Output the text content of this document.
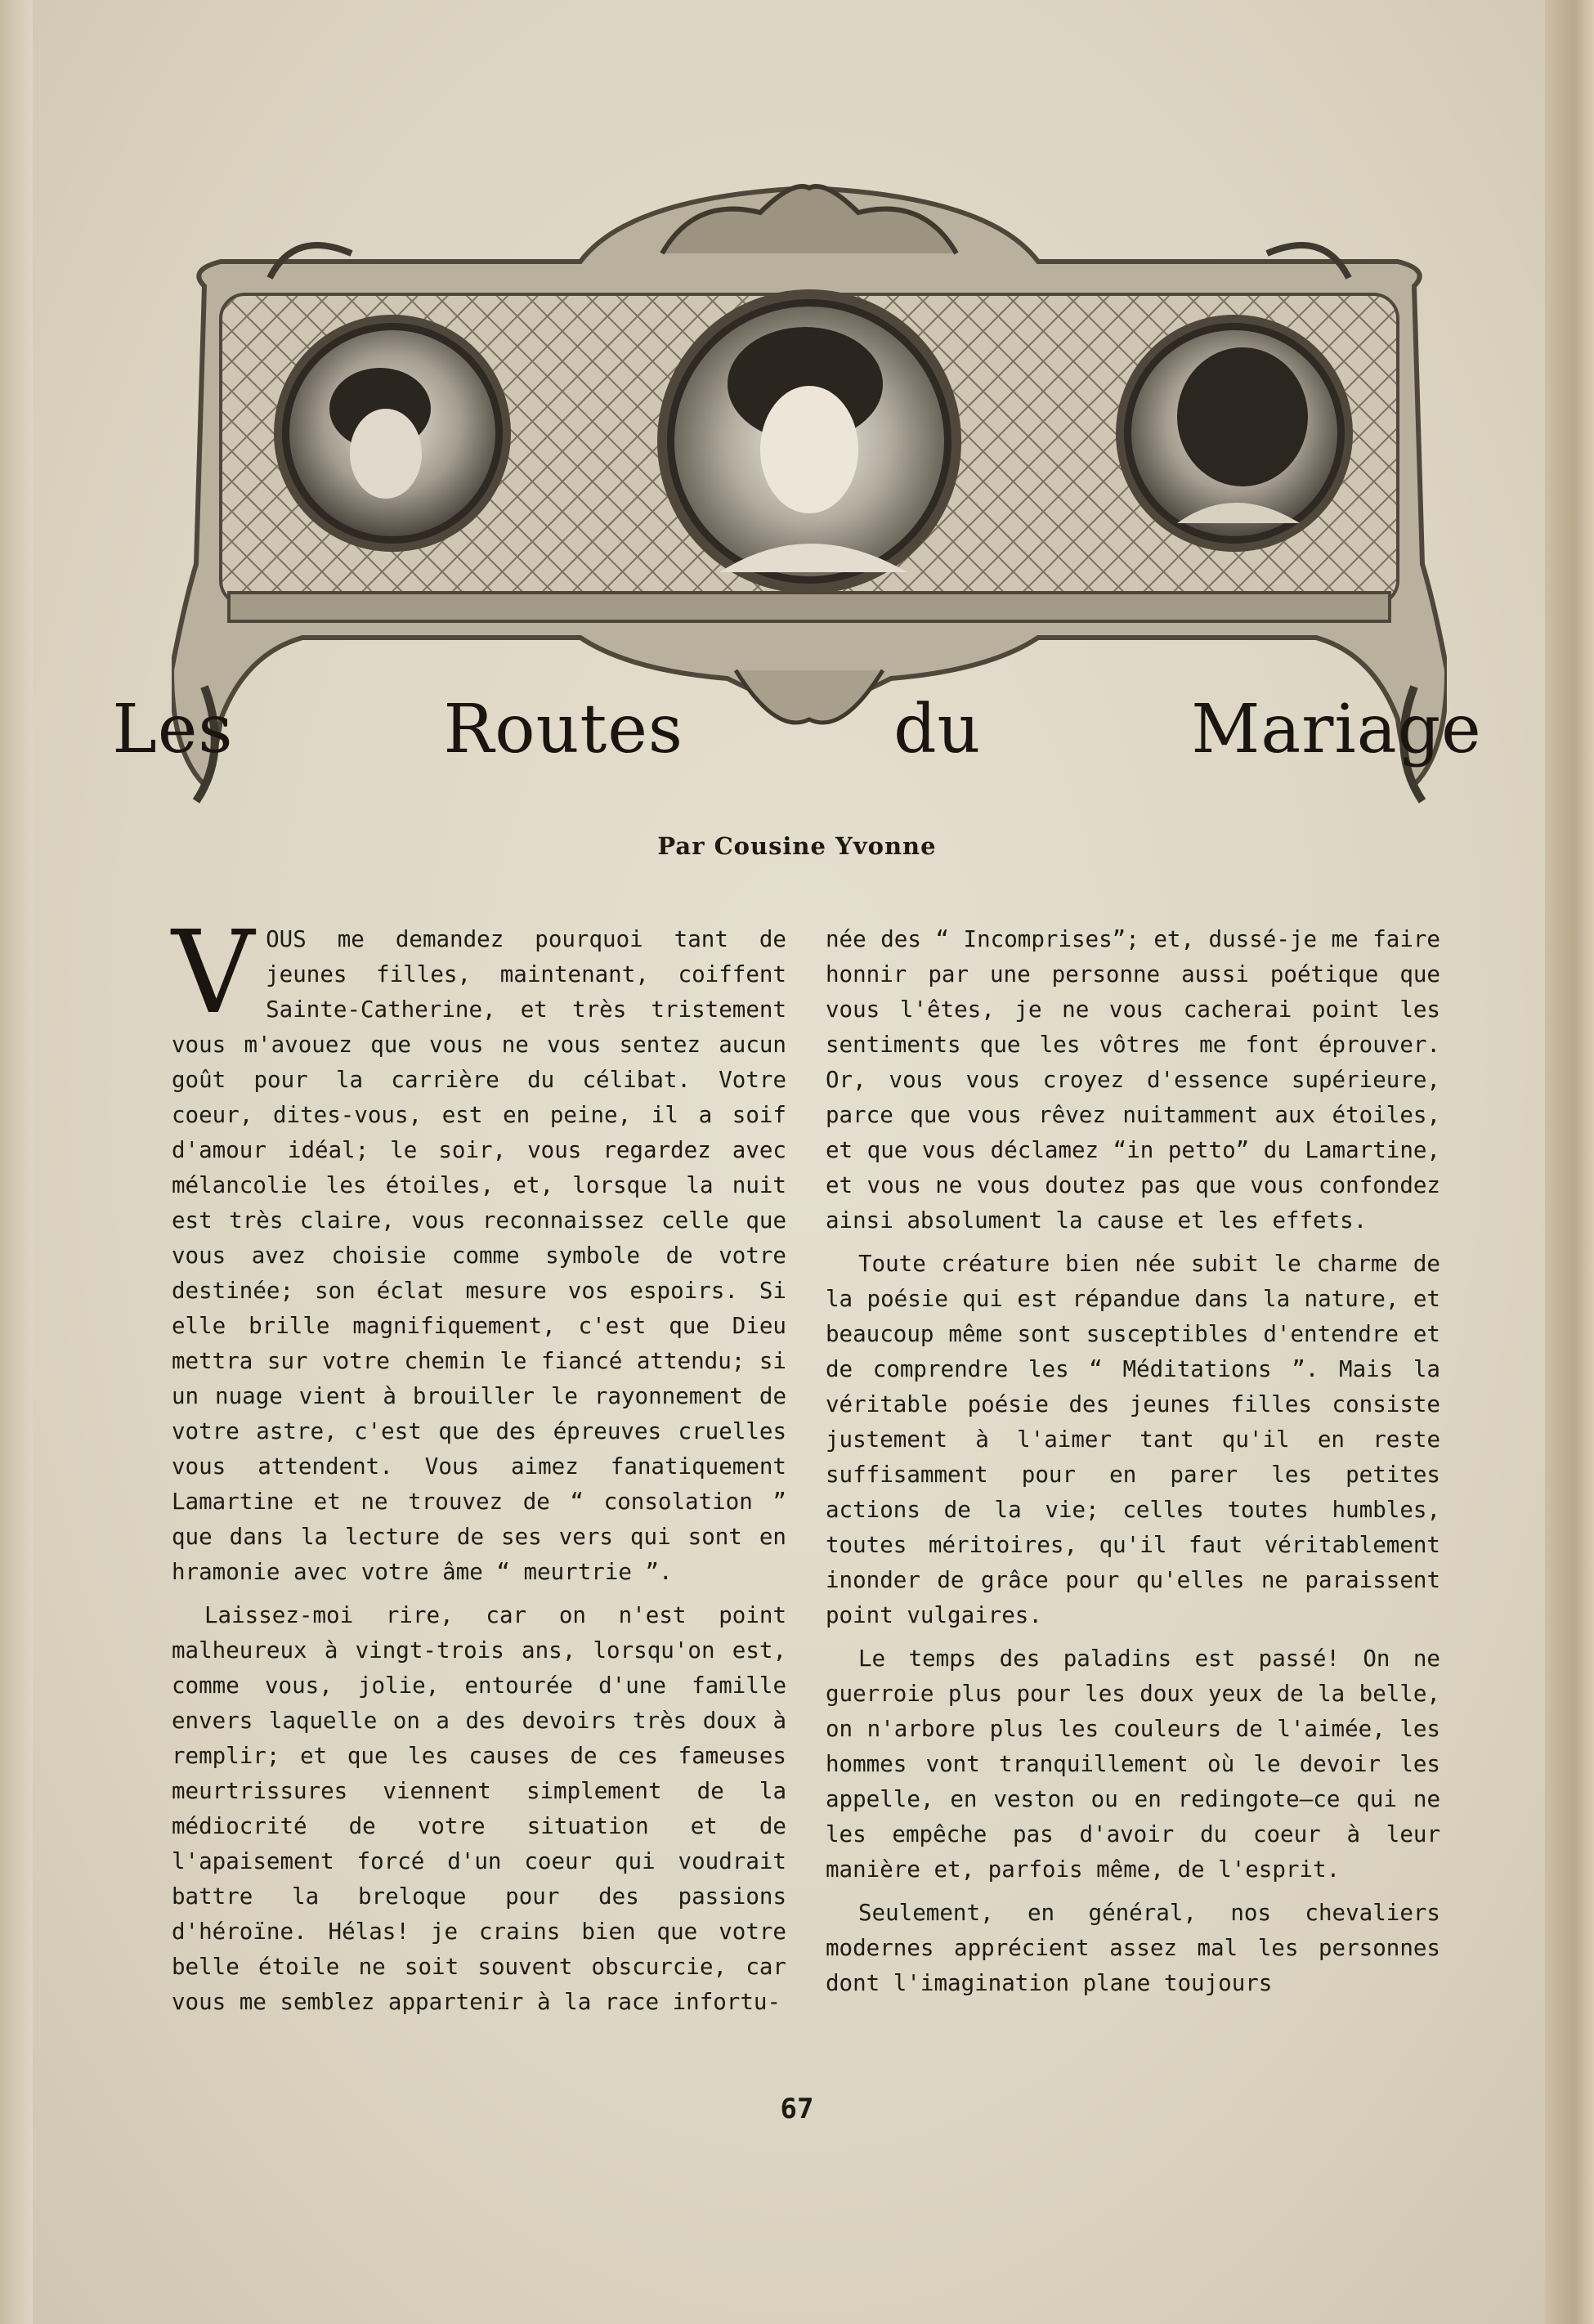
Les Routes	du Mariage
Par Cousine Yvonne

VOUS me demandez pourquoi tant de jeunes filles, maintenant, coiffent Sainte-Catherine, et très tristement vous m'avouez que vous ne vous sentez aucun goût pour la carrière du célibat. Votre coeur, dites-vous, est en peine, il a soif d'amour idéal; le soir, vous regardez avec mélancolie les étoiles, et, lorsque la nuit est très claire, vous reconnaissez celle que vous avez choisie comme symbole de votre destinée; son éclat mesure vos espoirs. Si elle brille magnifiquement, c'est que Dieu mettra sur votre chemin le fiancé attendu; si un nuage vient à brouiller le rayonnement de votre astre, c'est que des épreuves cruelles vous attendent. Vous aimez fanatiquement Lamartine et ne trouvez de “ consolation ” que dans la lecture de ses vers qui sont en hramonie avec votre âme “ meurtrie ”.

Laissez-moi rire, car on n'est point malheureux à vingt-trois ans, lorsqu'on est, comme vous, jolie, entourée d'une famille envers laquelle on a des devoirs très doux à remplir; et que les causes de ces fameuses meurtrissures viennent simplement de la médiocrité de votre situation et de l'apaisement forcé d'un coeur qui voudrait battre la breloque pour des passions d'héroïne. Hélas! je crains bien que votre belle étoile ne soit souvent obscurcie, car vous me semblez appartenir à la race infortu-

née des “ Incomprises”; et, dussé-je me faire honnir par une personne aussi poétique que vous l'êtes, je ne vous cacherai point les sentiments que les vôtres me font éprouver. Or, vous vous croyez d'essence supérieure, parce que vous rêvez nuitamment aux étoiles, et que vous déclamez “in petto” du Lamartine, et vous ne vous doutez pas que vous confondez ainsi absolument la cause et les effets.

Toute créature bien née subit le charme de la poésie qui est répandue dans la nature, et beaucoup même sont susceptibles d'entendre et de comprendre les “ Méditations ”. Mais la véritable poésie des jeunes filles consiste justement à l'aimer tant qu'il en reste suffisamment pour en parer les petites actions de la vie; celles toutes humbles, toutes méritoires, qu'il faut véritablement inonder de grâce pour qu'elles ne paraissent point vulgaires.

Le temps des paladins est passé! On ne guerroie plus pour les doux yeux de la belle, on n'arbore plus les couleurs de l'aimée, les hommes vont tranquillement où le devoir les appelle, en veston ou en redingote—ce qui ne les empêche pas d'avoir du coeur à leur manière et, parfois même, de l'esprit.

Seulement, en général, nos chevaliers modernes apprécient assez mal les personnes dont l'imagination plane toujours

67
